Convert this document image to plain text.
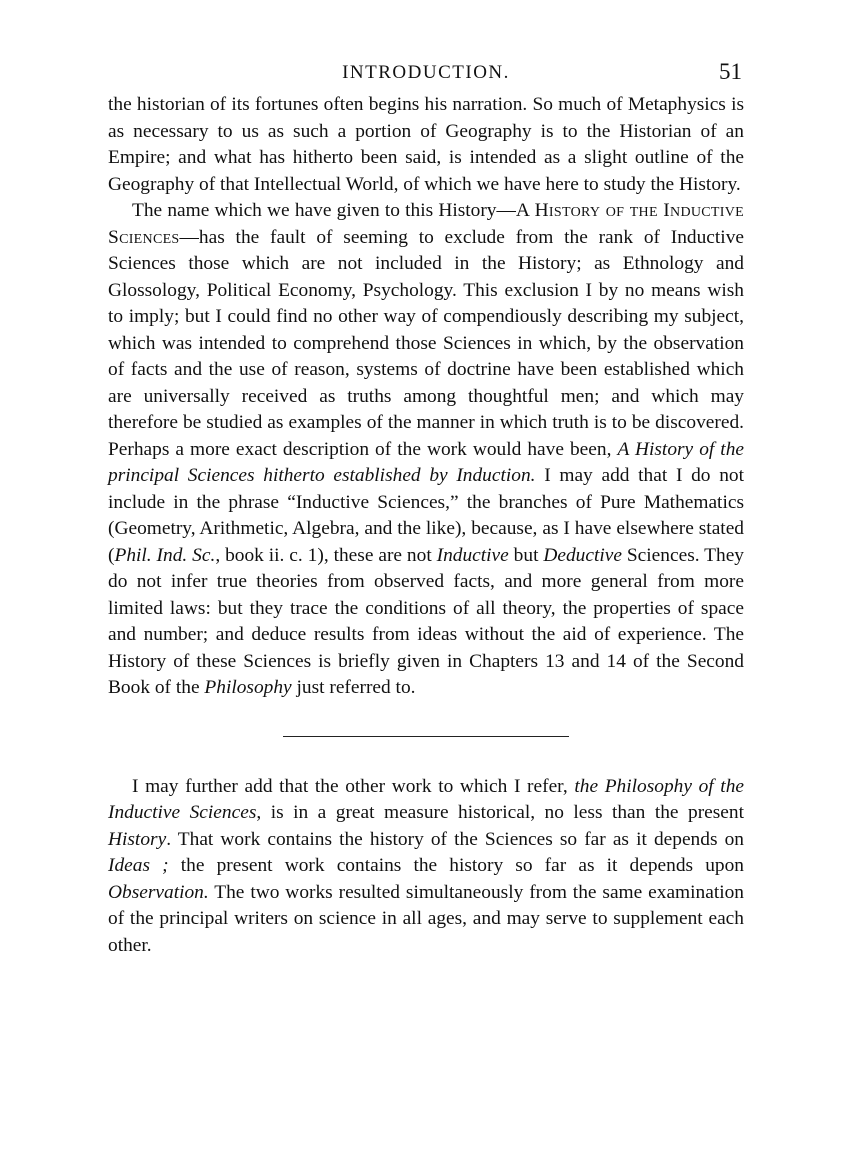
INTRODUCTION.	51

the historian of its fortunes often begins his narration. So much of Metaphysics is as necessary to us as such a portion of Geography is to the Historian of an Empire; and what has hitherto been said, is intended as a slight outline of the Geography of that Intellectual World, of which we have here to study the History.

The name which we have given to this History—A History of the Inductive Sciences—has the fault of seeming to exclude from the rank of Inductive Sciences those which are not included in the History; as Ethnology and Glossology, Political Economy, Psychology. This exclusion I by no means wish to imply; but I could find no other way of compendiously describing my subject, which was intended to comprehend those Sciences in which, by the observation of facts and the use of reason, systems of doctrine have been established which are universally received as truths among thoughtful men; and which may therefore be studied as examples of the manner in which truth is to be discovered. Perhaps a more exact description of the work would have been, A History of the principal Sciences hitherto established by Induction. I may add that I do not include in the phrase “Inductive Sciences,” the branches of Pure Mathematics (Geometry, Arithmetic, Algebra, and the like), because, as I have elsewhere stated (Phil. Ind. Sc., book ii. c. 1), these are not Inductive but Deductive Sciences. They do not infer true theories from observed facts, and more general from more limited laws: but they trace the conditions of all theory, the properties of space and number; and deduce results from ideas without the aid of experience. The History of these Sciences is briefly given in Chapters 13 and 14 of the Second Book of the Philosophy just referred to.

I may further add that the other work to which I refer, the Philosophy of the Inductive Sciences, is in a great measure historical, no less than the present History. That work contains the history of the Sciences so far as it depends on Ideas ; the present work contains the history so far as it depends upon Observation. The two works resulted simultaneously from the same examination of the principal writers on science in all ages, and may serve to supplement each other.
